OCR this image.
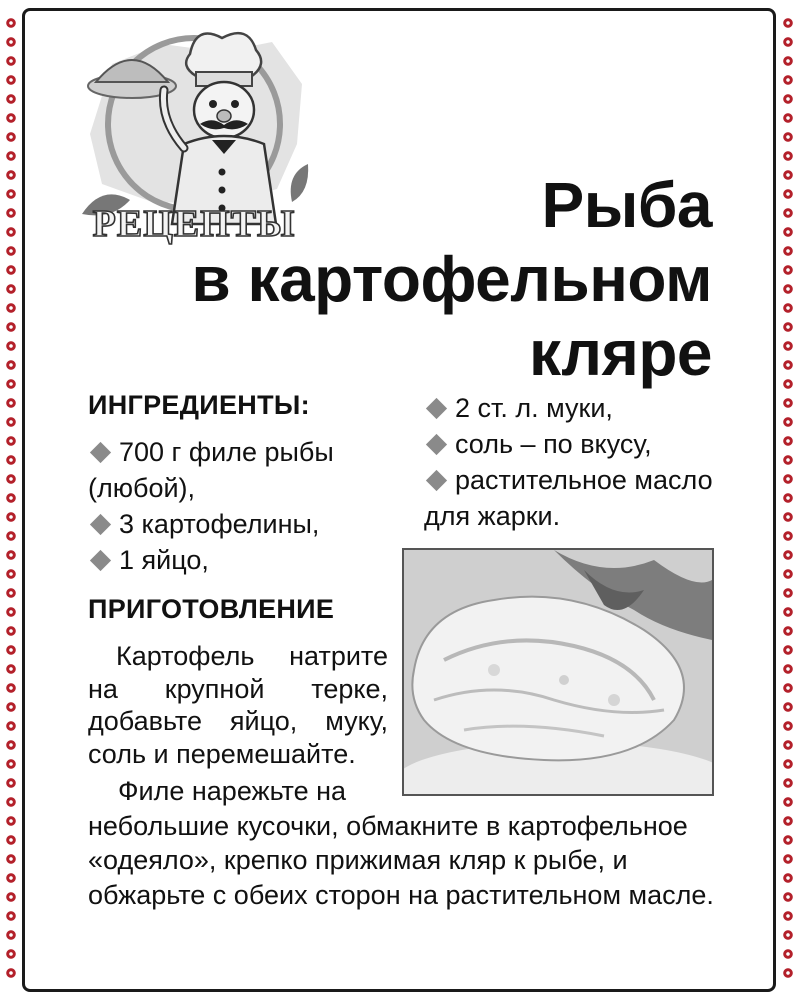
РЕЦЕПТЫ	Рыба
в картофельном
кляре
ИНГРЕДИЕНТЫ:

700 г филе рыбы (любой),

3 картофелины,

1 яйцо,

2 ст. л. муки,

соль – по вкусу,

растительное масло для жарки.

ПРИГОТОВЛЕНИЕ
Картофель натрите на крупной терке, добавьте яйцо, муку, соль и перемешайте.
Филе нарежьте на
небольшие кусочки, обмакните в картофельное «одеяло», крепко прижимая кляр к рыбе, и обжарьте с обеих сторон на растительном масле.
